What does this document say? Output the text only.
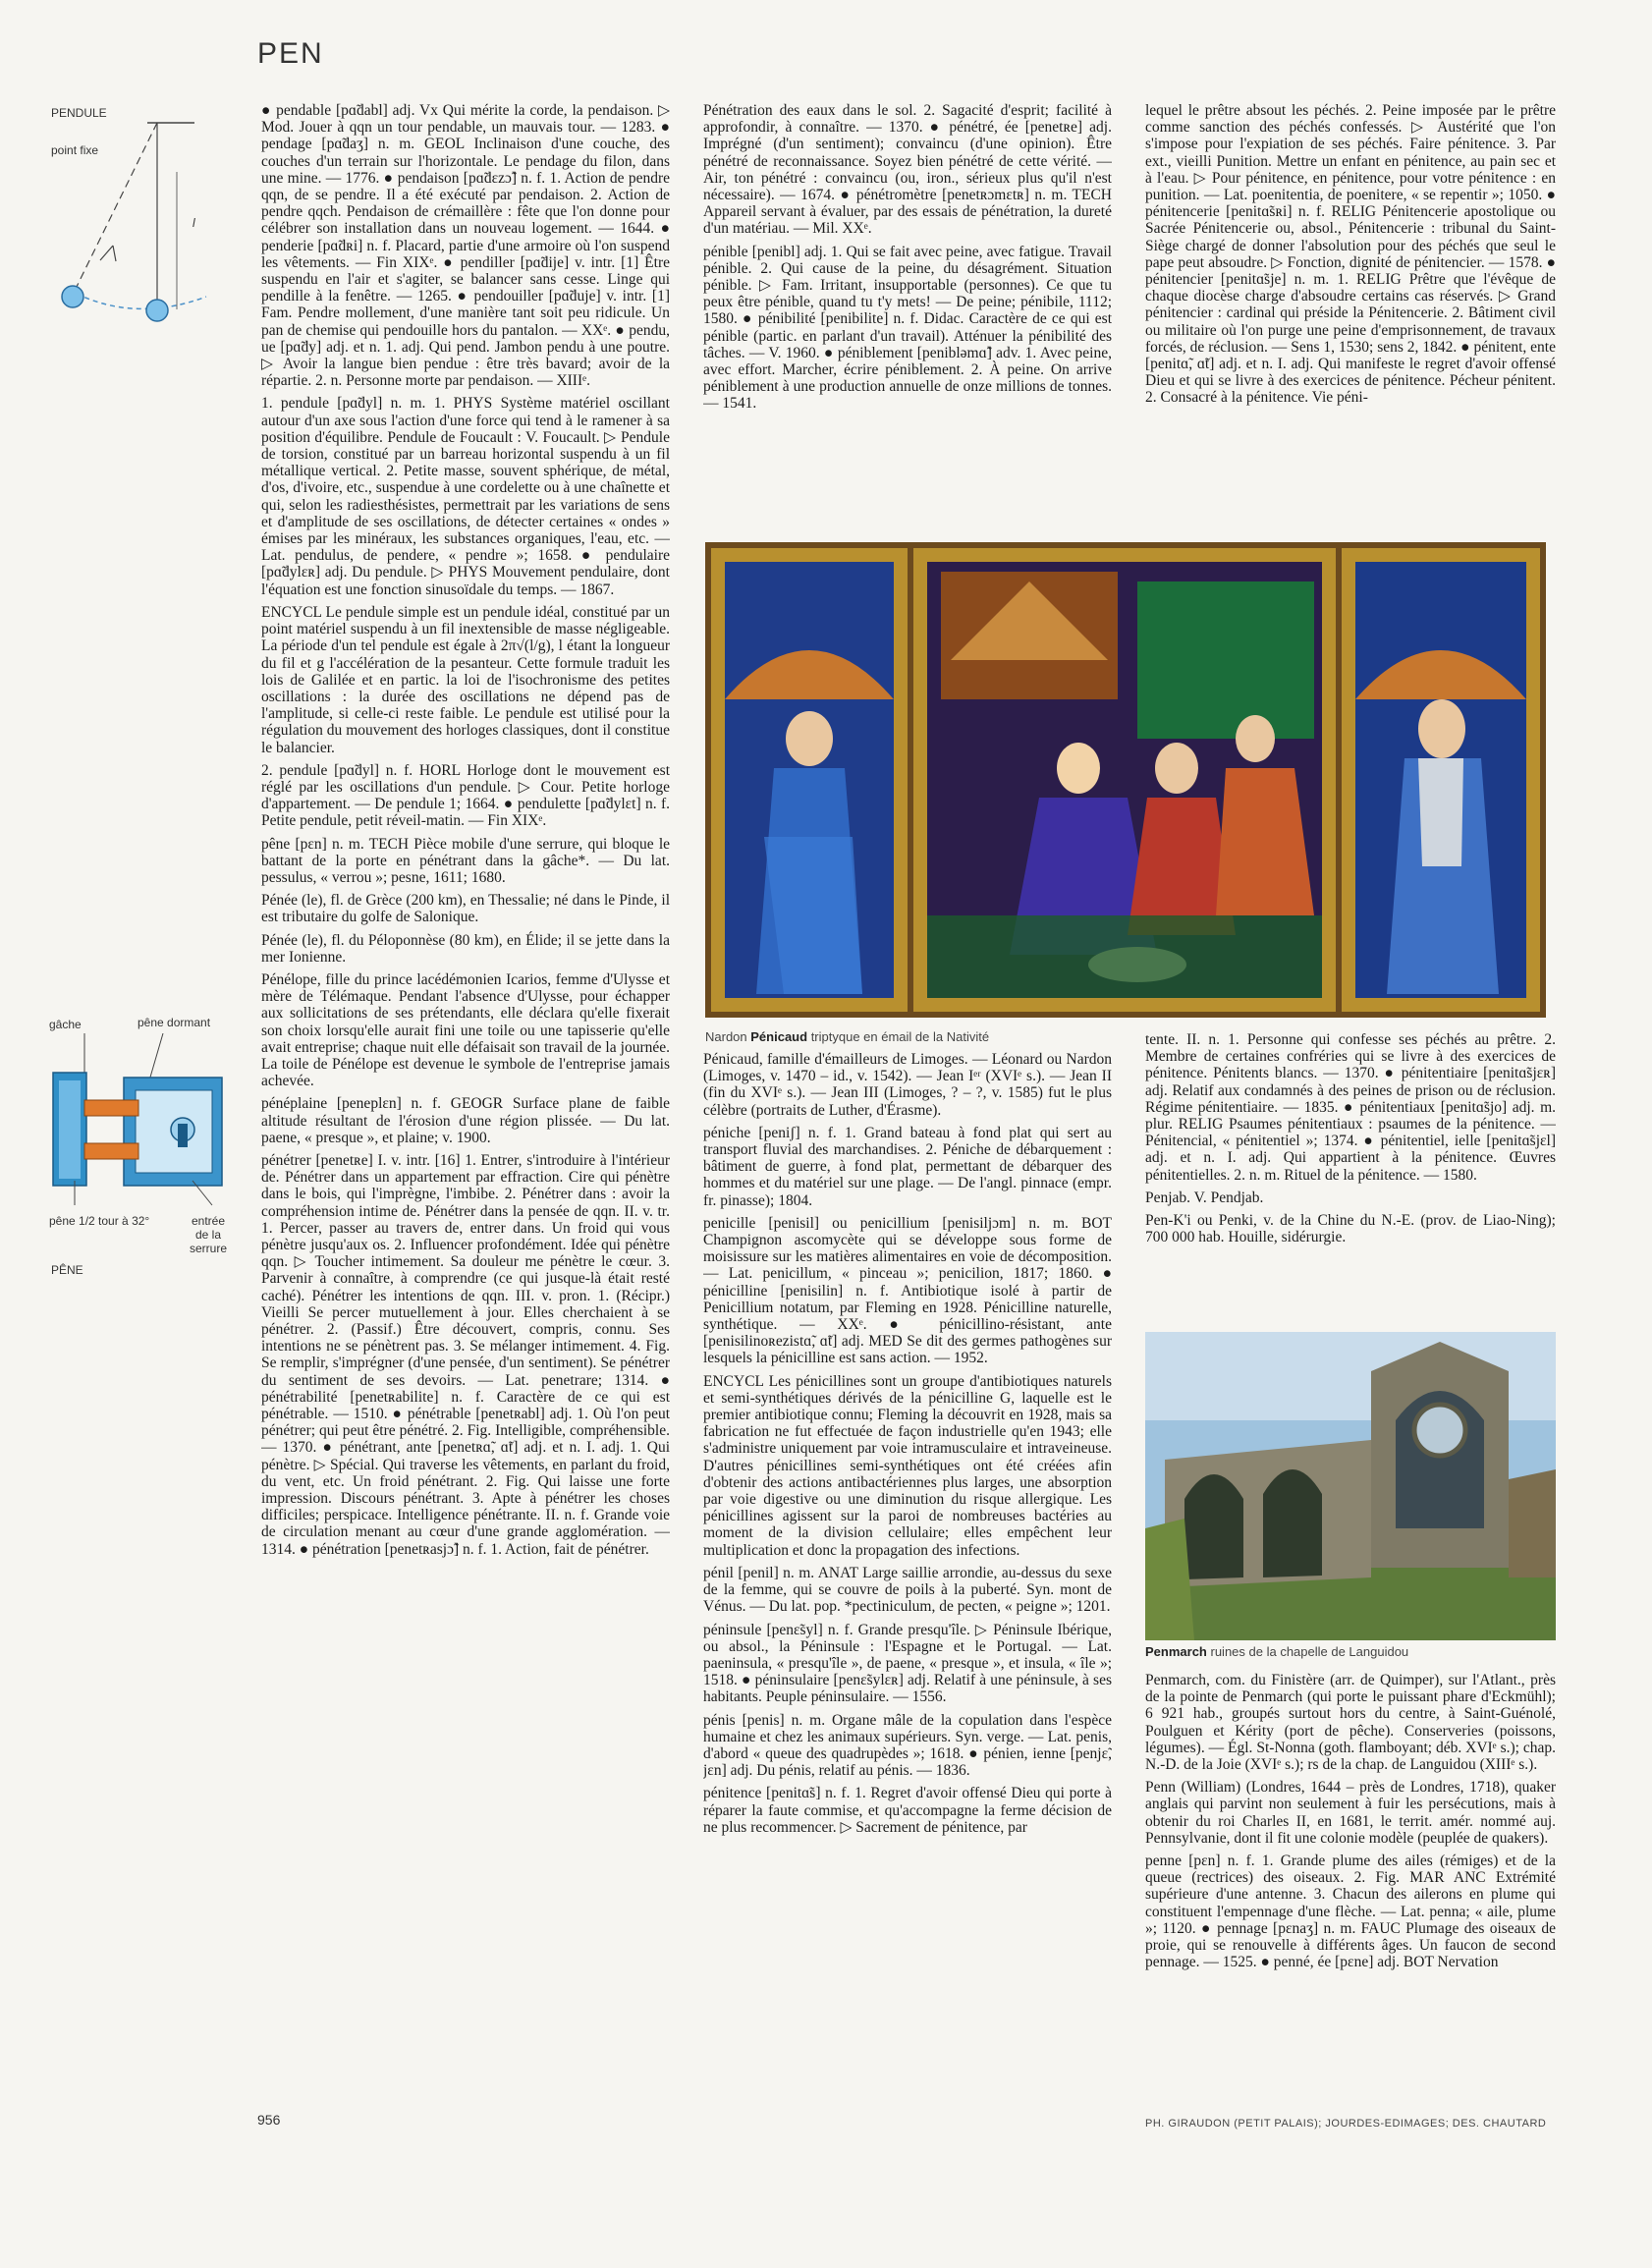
PEN
PENDULE
point fixe
l
gâche	pêne dormant
pêne 1/2 tour à 32°	entrée de la serrure
PÊNE

● pendable [pɑ̃dabl] adj. Vx Qui mérite la corde, la pendaison. ▷ Mod. Jouer à qqn un tour pendable, un mauvais tour. — 1283. ● pendage [pɑ̃daʒ] n. m. GEOL Inclinaison d'une couche, des couches d'un terrain sur l'horizontale. Le pendage du filon, dans une mine. — 1776. ● pendaison [pɑ̃dɛzɔ̃] n. f. 1. Action de pendre qqn, de se pendre. Il a été exécuté par pendaison. 2. Action de pendre qqch. Pendaison de crémaillère : fête que l'on donne pour célébrer son installation dans un nouveau logement. — 1644. ● penderie [pɑ̃dʀi] n. f. Placard, partie d'une armoire où l'on suspend les vêtements. — Fin XIXᵉ. ● pendiller [pɑ̃dije] v. intr. [1] Être suspendu en l'air et s'agiter, se balancer sans cesse. Linge qui pendille à la fenêtre. — 1265. ● pendouiller [pɑ̃duje] v. intr. [1] Fam. Pendre mollement, d'une manière tant soit peu ridicule. Un pan de chemise qui pendouille hors du pantalon. — XXᵉ. ● pendu, ue [pɑ̃dy] adj. et n. 1. adj. Qui pend. Jambon pendu à une poutre. ▷ Avoir la langue bien pendue : être très bavard; avoir de la répartie. 2. n. Personne morte par pendaison. — XIIIᵉ.

1. pendule [pɑ̃dyl] n. m. 1. PHYS Système matériel oscillant autour d'un axe sous l'action d'une force qui tend à le ramener à sa position d'équilibre. Pendule de Foucault : V. Foucault. ▷ Pendule de torsion, constitué par un barreau horizontal suspendu à un fil métallique vertical. 2. Petite masse, souvent sphérique, de métal, d'os, d'ivoire, etc., suspendue à une cordelette ou à une chaînette et qui, selon les radiesthésistes, permettrait par les variations de sens et d'amplitude de ses oscillations, de détecter certaines « ondes » émises par les minéraux, les substances organiques, l'eau, etc. — Lat. pendulus, de pendere, « pendre »; 1658. ● pendulaire [pɑ̃dylɛʀ] adj. Du pendule. ▷ PHYS Mouvement pendulaire, dont l'équation est une fonction sinusoïdale du temps. — 1867.

ENCYCL Le pendule simple est un pendule idéal, constitué par un point matériel suspendu à un fil inextensible de masse négligeable. La période d'un tel pendule est égale à 2π√(l/g), l étant la longueur du fil et g l'accélération de la pesanteur. Cette formule traduit les lois de Galilée et en partic. la loi de l'isochronisme des petites oscillations : la durée des oscillations ne dépend pas de l'amplitude, si celle-ci reste faible. Le pendule est utilisé pour la régulation du mouvement des horloges classiques, dont il constitue le balancier.

2. pendule [pɑ̃dyl] n. f. HORL Horloge dont le mouvement est réglé par les oscillations d'un pendule. ▷ Cour. Petite horloge d'appartement. — De pendule 1; 1664. ● pendulette [pɑ̃dylɛt] n. f. Petite pendule, petit réveil-matin. — Fin XIXᵉ.

pêne [pɛn] n. m. TECH Pièce mobile d'une serrure, qui bloque le battant de la porte en pénétrant dans la gâche*. — Du lat. pessulus, « verrou »; pesne, 1611; 1680.

Pénée (le), fl. de Grèce (200 km), en Thessalie; né dans le Pinde, il est tributaire du golfe de Salonique.

Pénée (le), fl. du Péloponnèse (80 km), en Élide; il se jette dans la mer Ionienne.

Pénélope, fille du prince lacédémonien Icarios, femme d'Ulysse et mère de Télémaque. Pendant l'absence d'Ulysse, pour échapper aux sollicitations de ses prétendants, elle déclara qu'elle fixerait son choix lorsqu'elle aurait fini une toile ou une tapisserie qu'elle avait entreprise; chaque nuit elle défaisait son travail de la journée. La toile de Pénélope est devenue le symbole de l'entreprise jamais achevée.

pénéplaine [peneplɛn] n. f. GEOGR Surface plane de faible altitude résultant de l'érosion d'une région plissée. — Du lat. paene, « presque », et plaine; v. 1900.

pénétrer [penetʀe] I. v. intr. [16] 1. Entrer, s'introduire à l'intérieur de. Pénétrer dans un appartement par effraction. Cire qui pénètre dans le bois, qui l'imprègne, l'imbibe. 2. Pénétrer dans : avoir la compréhension intime de. Pénétrer dans la pensée de qqn. II. v. tr. 1. Percer, passer au travers de, entrer dans. Un froid qui vous pénètre jusqu'aux os. 2. Influencer profondément. Idée qui pénètre qqn. ▷ Toucher intimement. Sa douleur me pénètre le cœur. 3. Parvenir à connaître, à comprendre (ce qui jusque-là était resté caché). Pénétrer les intentions de qqn. III. v. pron. 1. (Récipr.) Vieilli Se percer mutuellement à jour. Elles cherchaient à se pénétrer. 2. (Passif.) Être découvert, compris, connu. Ses intentions ne se pénètrent pas. 3. Se mélanger intimement. 4. Fig. Se remplir, s'imprégner (d'une pensée, d'un sentiment). Se pénétrer du sentiment de ses devoirs. — Lat. penetrare; 1314. ● pénétrabilité [penetʀabilite] n. f. Caractère de ce qui est pénétrable. — 1510. ● pénétrable [penetʀabl] adj. 1. Où l'on peut pénétrer; qui peut être pénétré. 2. Fig. Intelligible, compréhensible. — 1370. ● pénétrant, ante [penetʀɑ̃, ɑ̃t] adj. et n. I. adj. 1. Qui pénètre. ▷ Spécial. Qui traverse les vêtements, en parlant du froid, du vent, etc. Un froid pénétrant. 2. Fig. Qui laisse une forte impression. Discours pénétrant. 3. Apte à pénétrer les choses difficiles; perspicace. Intelligence pénétrante. II. n. f. Grande voie de circulation menant au cœur d'une grande agglomération. — 1314. ● pénétration [penetʀasjɔ̃] n. f. 1. Action, fait de pénétrer.

Pénétration des eaux dans le sol. 2. Sagacité d'esprit; facilité à approfondir, à connaître. — 1370. ● pénétré, ée [penetʀe] adj. Imprégné (d'un sentiment); convaincu (d'une opinion). Être pénétré de reconnaissance. Soyez bien pénétré de cette vérité. — Air, ton pénétré : convaincu (ou, iron., sérieux plus qu'il n'est nécessaire). — 1674. ● pénétromètre [penetʀɔmɛtʀ] n. m. TECH Appareil servant à évaluer, par des essais de pénétration, la dureté d'un matériau. — Mil. XXᵉ.

pénible [penibl] adj. 1. Qui se fait avec peine, avec fatigue. Travail pénible. 2. Qui cause de la peine, du désagrément. Situation pénible. ▷ Fam. Irritant, insupportable (personnes). Ce que tu peux être pénible, quand tu t'y mets! — De peine; pénibile, 1112; 1580. ● pénibilité [penibilite] n. f. Didac. Caractère de ce qui est pénible (partic. en parlant d'un travail). Atténuer la pénibilité des tâches. — V. 1960. ● péniblement [penibləmɑ̃] adv. 1. Avec peine, avec effort. Marcher, écrire péniblement. 2. À peine. On arrive péniblement à une production annuelle de onze millions de tonnes. — 1541.

lequel le prêtre absout les péchés. 2. Peine imposée par le prêtre comme sanction des péchés confessés. ▷ Austérité que l'on s'impose pour l'expiation de ses péchés. Faire pénitence. 3. Par ext., vieilli Punition. Mettre un enfant en pénitence, au pain sec et à l'eau. ▷ Pour pénitence, en pénitence, pour votre pénitence : en punition. — Lat. poenitentia, de poenitere, « se repentir »; 1050. ● pénitencerie [penitɑ̃sʀi] n. f. RELIG Pénitencerie apostolique ou Sacrée Pénitencerie ou, absol., Pénitencerie : tribunal du Saint-Siège chargé de donner l'absolution pour des péchés que seul le pape peut absoudre. ▷ Fonction, dignité de pénitencier. — 1578. ● pénitencier [penitɑ̃sje] n. m. 1. RELIG Prêtre que l'évêque de chaque diocèse charge d'absoudre certains cas réservés. ▷ Grand pénitencier : cardinal qui préside la Pénitencerie. 2. Bâtiment civil ou militaire où l'on purge une peine d'emprisonnement, de travaux forcés, de réclusion. — Sens 1, 1530; sens 2, 1842. ● pénitent, ente [penitɑ̃, ɑ̃t] adj. et n. I. adj. Qui manifeste le regret d'avoir offensé Dieu et qui se livre à des exercices de pénitence. Pécheur pénitent. 2. Consacré à la pénitence. Vie péni-

Nardon Pénicaud triptyque en émail de la Nativité

Pénicaud, famille d'émailleurs de Limoges. — Léonard ou Nardon (Limoges, v. 1470 – id., v. 1542). — Jean Iᵉʳ (XVIᵉ s.). — Jean II (fin du XVIᵉ s.). — Jean III (Limoges, ? – ?, v. 1585) fut le plus célèbre (portraits de Luther, d'Érasme).

péniche [peniʃ] n. f. 1. Grand bateau à fond plat qui sert au transport fluvial des marchandises. 2. Péniche de débarquement : bâtiment de guerre, à fond plat, permettant de débarquer des hommes et du matériel sur une plage. — De l'angl. pinnace (empr. fr. pinasse); 1804.

penicille [penisil] ou penicillium [penisiljɔm] n. m. BOT Champignon ascomycète qui se développe sous forme de moisissure sur les matières alimentaires en voie de décomposition. — Lat. penicillum, « pinceau »; penicilion, 1817; 1860. ● pénicilline [penisilin] n. f. Antibiotique isolé à partir de Penicillium notatum, par Fleming en 1928. Pénicilline naturelle, synthétique. — XXᵉ. ● pénicillino-résistant, ante [penisilinoʀezistɑ̃, ɑ̃t] adj. MED Se dit des germes pathogènes sur lesquels la pénicilline est sans action. — 1952.

ENCYCL Les pénicillines sont un groupe d'antibiotiques naturels et semi-synthétiques dérivés de la pénicilline G, laquelle est le premier antibiotique connu; Fleming la découvrit en 1928, mais sa fabrication ne fut effectuée de façon industrielle qu'en 1943; elle s'administre uniquement par voie intramusculaire et intraveineuse. D'autres pénicillines semi-synthétiques ont été créées afin d'obtenir des actions antibactériennes plus larges, une absorption par voie digestive ou une diminution du risque allergique. Les pénicillines agissent sur la paroi de nombreuses bactéries au moment de la division cellulaire; elles empêchent leur multiplication et donc la propagation des infections.

pénil [penil] n. m. ANAT Large saillie arrondie, au-dessus du sexe de la femme, qui se couvre de poils à la puberté. Syn. mont de Vénus. — Du lat. pop. *pectiniculum, de pecten, « peigne »; 1201.

péninsule [penɛ̃syl] n. f. Grande presqu'île. ▷ Péninsule Ibérique, ou absol., la Péninsule : l'Espagne et le Portugal. — Lat. paeninsula, « presqu'île », de paene, « presque », et insula, « île »; 1518. ● péninsulaire [penɛ̃sylɛʀ] adj. Relatif à une péninsule, à ses habitants. Peuple péninsulaire. — 1556.

pénis [penis] n. m. Organe mâle de la copulation dans l'espèce humaine et chez les animaux supérieurs. Syn. verge. — Lat. penis, d'abord « queue des quadrupèdes »; 1618. ● pénien, ienne [penjɛ̃, jɛn] adj. Du pénis, relatif au pénis. — 1836.

pénitence [penitɑ̃s] n. f. 1. Regret d'avoir offensé Dieu qui porte à réparer la faute commise, et qu'accompagne la ferme décision de ne plus recommencer. ▷ Sacrement de pénitence, par

tente. II. n. 1. Personne qui confesse ses péchés au prêtre. 2. Membre de certaines confréries qui se livre à des exercices de pénitence. Pénitents blancs. — 1370. ● pénitentiaire [penitɑ̃sjɛʀ] adj. Relatif aux condamnés à des peines de prison ou de réclusion. Régime pénitentiaire. — 1835. ● pénitentiaux [penitɑ̃sjo] adj. m. plur. RELIG Psaumes pénitentiaux : psaumes de la pénitence. — Pénitencial, « pénitentiel »; 1374. ● pénitentiel, ielle [penitɑ̃sjɛl] adj. et n. I. adj. Qui appartient à la pénitence. Œuvres pénitentielles. 2. n. m. Rituel de la pénitence. — 1580.

Penjab. V. Pendjab.

Pen-K'i ou Penki, v. de la Chine du N.-E. (prov. de Liao-Ning); 700 000 hab. Houille, sidérurgie.

Penmarch ruines de la chapelle de Languidou

Penmarch, com. du Finistère (arr. de Quimper), sur l'Atlant., près de la pointe de Penmarch (qui porte le puissant phare d'Eckmühl); 6 921 hab., groupés surtout hors du centre, à Saint-Guénolé, Poulguen et Kérity (port de pêche). Conserveries (poissons, légumes). — Égl. St-Nonna (goth. flamboyant; déb. XVIᵉ s.); chap. N.-D. de la Joie (XVIᵉ s.); rs de la chap. de Languidou (XIIIᵉ s.).

Penn (William) (Londres, 1644 – près de Londres, 1718), quaker anglais qui parvint non seulement à fuir les persécutions, mais à obtenir du roi Charles II, en 1681, le territ. amér. nommé auj. Pennsylvanie, dont il fit une colonie modèle (peuplée de quakers).

penne [pɛn] n. f. 1. Grande plume des ailes (rémiges) et de la queue (rectrices) des oiseaux. 2. Fig. MAR ANC Extrémité supérieure d'une antenne. 3. Chacun des ailerons en plume qui constituent l'empennage d'une flèche. — Lat. penna; « aile, plume »; 1120. ● pennage [pɛnaʒ] n. m. FAUC Plumage des oiseaux de proie, qui se renouvelle à différents âges. Un faucon de second pennage. — 1525. ● penné, ée [pɛne] adj. BOT Nervation

956	PH. GIRAUDON (PETIT PALAIS); JOURDES-EDIMAGES; DES. CHAUTARD
